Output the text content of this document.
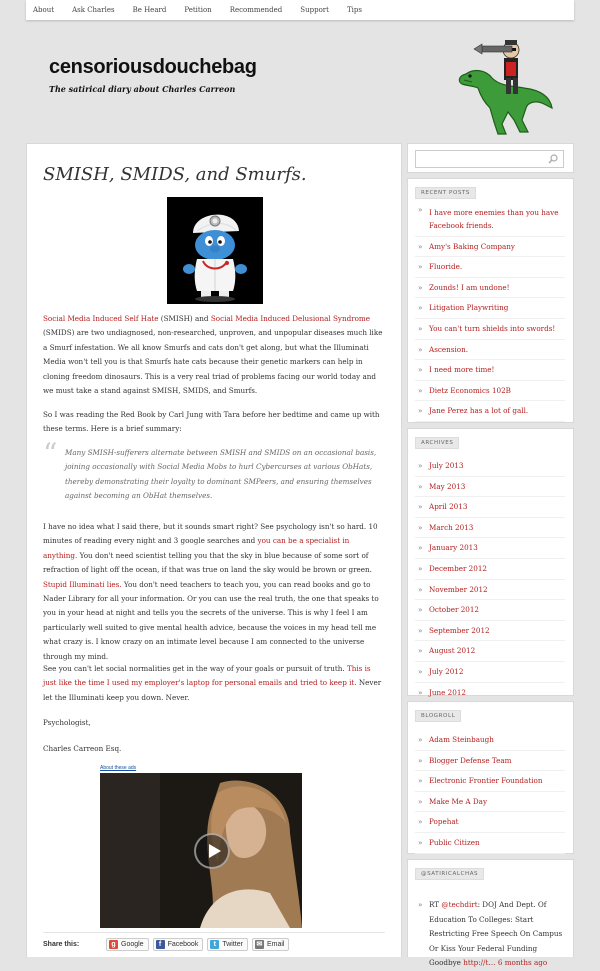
About	Ask Charles	Be Heard	Petition	Recommended	Support	Tips
censoriousdouchebag
The satirical diary about Charles Carreon
SMISH, SMIDS, and Smurfs.
Social Media Induced Self Hate (SMISH) and Social Media Induced Delusional Syndrome (SMIDS) are two undiagnosed, non-researched, unproven, and unpopular diseases much like a Smurf infestation. We all know Smurfs and cats don't get along, but what the Illuminati Media won't tell you is that Smurfs hate cats because their genetic markers can help in cloning freedom dinosaurs. This is a very real triad of problems facing our world today and we must take a stand against SMISH, SMIDS, and Smurfs.
So I was reading the Red Book by Carl Jung with Tara before her bedtime and came up with these terms. Here is a brief summary:
“ Many SMISH-sufferers alternate between SMISH and SMIDS on an occasional basis, joining occasionally with Social Media Mobs to hurl Cybercurses at various ObHats, thereby demonstrating their loyalty to dominant SMPeers, and ensuring themselves against becoming an ObHat themselves.
I have no idea what I said there, but it sounds smart right? See psychology isn't so hard. 10 minutes of reading every night and 3 google searches and you can be a specialist in anything. You don't need scientist telling you that the sky in blue because of some sort of refraction of light off the ocean, if that was true on land the sky would be brown or green. Stupid Illuminati lies. You don't need teachers to teach you, you can read books and go to Nader Library for all your information. Or you can use the real truth, the one that speaks to you in your head at night and tells you the secrets of the universe. This is why I feel I am particularly well suited to give mental health advice, because the voices in my head tell me what crazy is. I know crazy on an intimate level because I am connected to the universe through my mind.
See you can't let social normalities get in the way of your goals or pursuit of truth. This is just like the time I used my employer's laptop for personal emails and tried to keep it. Never let the Illuminati keep you down. Never.
Psychologist,
Charles Carreon Esq.
About these ads
Share this:	g Google	f Facebook	t Twitter ✉ Email
RECENT POSTS
» I have more enemies than you have Facebook friends.
» Amy's Baking Company
» Fluoride.
» Zounds! I am undone!
» Litigation Playwriting
» You can't turn shields into swords!
» Ascension.
» I need more time!
» Dietz Economics 102B
» Jane Perez has a lot of gall.
ARCHIVES
» July 2013
» May 2013
» April 2013
» March 2013
» January 2013
» December 2012
» November 2012
» October 2012
» September 2012
» August 2012
» July 2012
» June 2012
BLOGROLL
» Adam Steinbaugh
» Blogger Defense Team
» Electronic Frontier Foundation
» Make Me A Day
» Popehat
» Public Citizen
@SATIRICALCHAS
» RT @techdirt: DOJ And Dept. Of Education To Colleges: Start Restricting Free Speech On Campus Or Kiss Your Federal Funding Goodbye http://t… 6 months ago
